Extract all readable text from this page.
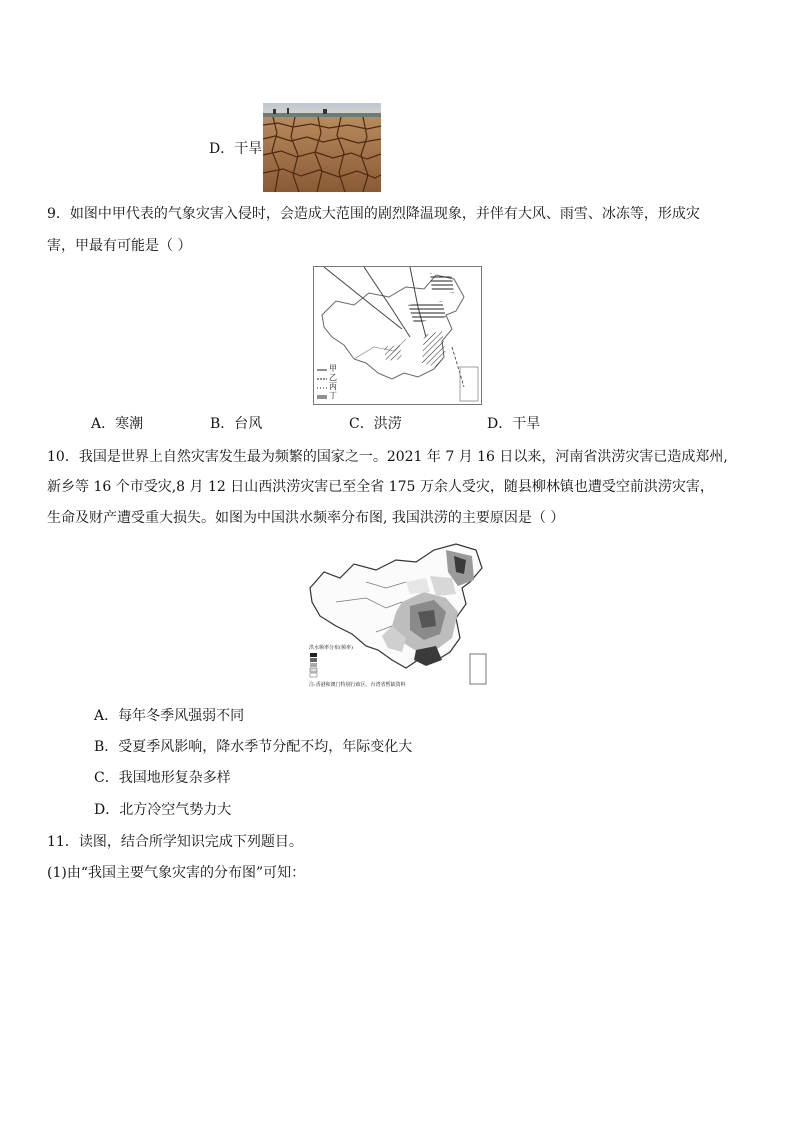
D．干旱
9．如图中甲代表的气象灾害入侵时，会造成大范围的剧烈降温现象，并伴有大风、雨雪、冰冻等，形成灾
害，甲最有可能是（ ）
甲
乙
丙
丁
A．寒潮	B．台风	C．洪涝	D．干旱
10．我国是世界上自然灾害发生最为频繁的国家之一。2021 年 7 月 16 日以来，河南省洪涝灾害已造成郑州,
新乡等 16 个市受灾,8 月 12 日山西洪涝灾害已至全省 175 万余人受灾，随县柳林镇也遭受空前洪涝灾害，
生命及财产遭受重大损失。如图为中国洪水频率分布图, 我国洪涝的主要原因是（ ）
洪水频率分布(频率)
注:香港和澳门特别行政区、台湾省暂缺资料
A．每年冬季风强弱不同
B．受夏季风影响，降水季节分配不均，年际变化大
C．我国地形复杂多样
D．北方冷空气势力大
11．读图，结合所学知识完成下列题目。
(1)由“我国主要气象灾害的分布图”可知：
